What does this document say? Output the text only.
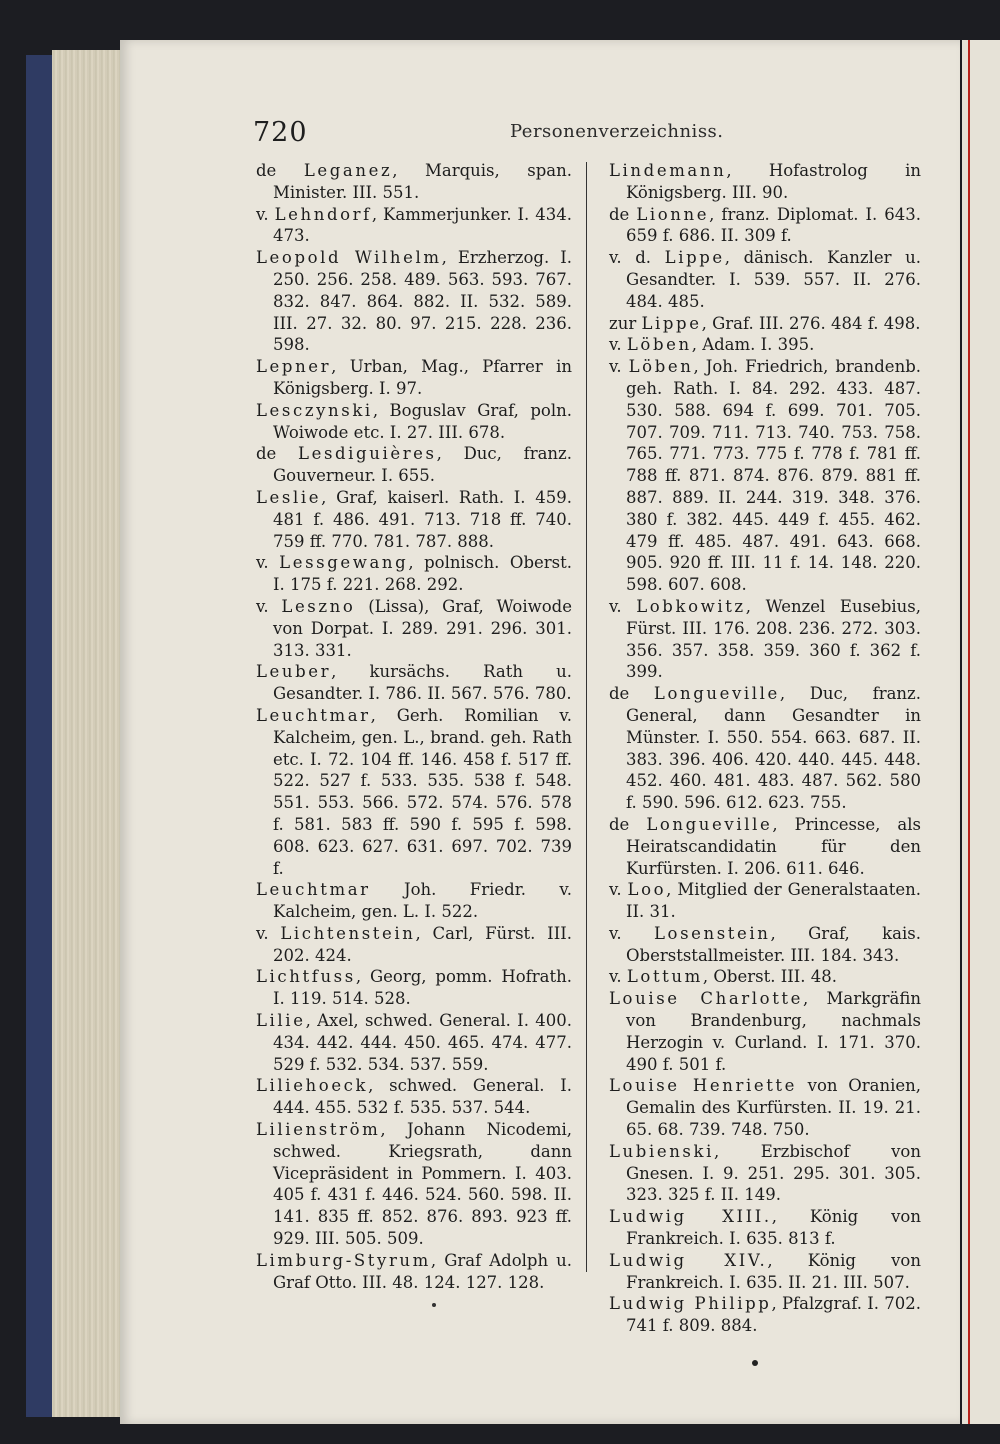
720	Personenverzeichniss.

de Leganez, Marquis, span. Minister. III. 551.

v. Lehndorf, Kammerjunker. I. 434. 473.

Leopold Wilhelm, Erzherzog. I. 250. 256. 258. 489. 563. 593. 767. 832. 847. 864. 882. II. 532. 589. III. 27. 32. 80. 97. 215. 228. 236. 598.

Lepner, Urban, Mag., Pfarrer in Königsberg. I. 97.

Lesczynski, Boguslav Graf, poln. Woiwode etc. I. 27. III. 678.

de Lesdiguières, Duc, franz. Gouverneur. I. 655.

Leslie, Graf, kaiserl. Rath. I. 459. 481 f. 486. 491. 713. 718 ff. 740. 759 ff. 770. 781. 787. 888.

v. Lessgewang, polnisch. Oberst. I. 175 f. 221. 268. 292.

v. Leszno (Lissa), Graf, Woiwode von Dorpat. I. 289. 291. 296. 301. 313. 331.

Leuber, kursächs. Rath u. Gesandter. I. 786. II. 567. 576. 780.

Leuchtmar, Gerh. Romilian v. Kalcheim, gen. L., brand. geh. Rath etc. I. 72. 104 ff. 146. 458 f. 517 ff. 522. 527 f. 533. 535. 538 f. 548. 551. 553. 566. 572. 574. 576. 578 f. 581. 583 ff. 590 f. 595 f. 598. 608. 623. 627. 631. 697. 702. 739 f.

Leuchtmar Joh. Friedr. v. Kalcheim, gen. L. I. 522.

v. Lichtenstein, Carl, Fürst. III. 202. 424.

Lichtfuss, Georg, pomm. Hofrath. I. 119. 514. 528.

Lilie, Axel, schwed. General. I. 400. 434. 442. 444. 450. 465. 474. 477. 529 f. 532. 534. 537. 559.

Liliehoeck, schwed. General. I. 444. 455. 532 f. 535. 537. 544.

Lilienström, Johann Nicodemi, schwed. Kriegsrath, dann Vicepräsident in Pommern. I. 403. 405 f. 431 f. 446. 524. 560. 598. II. 141. 835 ff. 852. 876. 893. 923 ff. 929. III. 505. 509.

Limburg-Styrum, Graf Adolph u. Graf Otto. III. 48. 124. 127. 128.

Lindemann, Hofastrolog in Königsberg. III. 90.

de Lionne, franz. Diplomat. I. 643. 659 f. 686. II. 309 f.

v. d. Lippe, dänisch. Kanzler u. Gesandter. I. 539. 557. II. 276. 484. 485.

zur Lippe, Graf. III. 276. 484 f. 498.

v. Löben, Adam. I. 395.

v. Löben, Joh. Friedrich, brandenb. geh. Rath. I. 84. 292. 433. 487. 530. 588. 694 f. 699. 701. 705. 707. 709. 711. 713. 740. 753. 758. 765. 771. 773. 775 f. 778 f. 781 ff. 788 ff. 871. 874. 876. 879. 881 ff. 887. 889. II. 244. 319. 348. 376. 380 f. 382. 445. 449 f. 455. 462. 479 ff. 485. 487. 491. 643. 668. 905. 920 ff. III. 11 f. 14. 148. 220. 598. 607. 608.

v. Lobkowitz, Wenzel Eusebius, Fürst. III. 176. 208. 236. 272. 303. 356. 357. 358. 359. 360 f. 362 f. 399.

de Longueville, Duc, franz. General, dann Gesandter in Münster. I. 550. 554. 663. 687. II. 383. 396. 406. 420. 440. 445. 448. 452. 460. 481. 483. 487. 562. 580 f. 590. 596. 612. 623. 755.

de Longueville, Princesse, als Heiratscandidatin für den Kurfürsten. I. 206. 611. 646.

v. Loo, Mitglied der Generalstaaten. II. 31.

v. Losenstein, Graf, kais. Oberststallmeister. III. 184. 343.

v. Lottum, Oberst. III. 48.

Louise Charlotte, Markgräfin von Brandenburg, nachmals Herzogin v. Curland. I. 171. 370. 490 f. 501 f.

Louise Henriette von Oranien, Gemalin des Kurfürsten. II. 19. 21. 65. 68. 739. 748. 750.

Lubienski, Erzbischof von Gnesen. I. 9. 251. 295. 301. 305. 323. 325 f. II. 149.

Ludwig XIII., König von Frankreich. I. 635. 813 f.

Ludwig XIV., König von Frankreich. I. 635. II. 21. III. 507.

Ludwig Philipp, Pfalzgraf. I. 702. 741 f. 809. 884.
